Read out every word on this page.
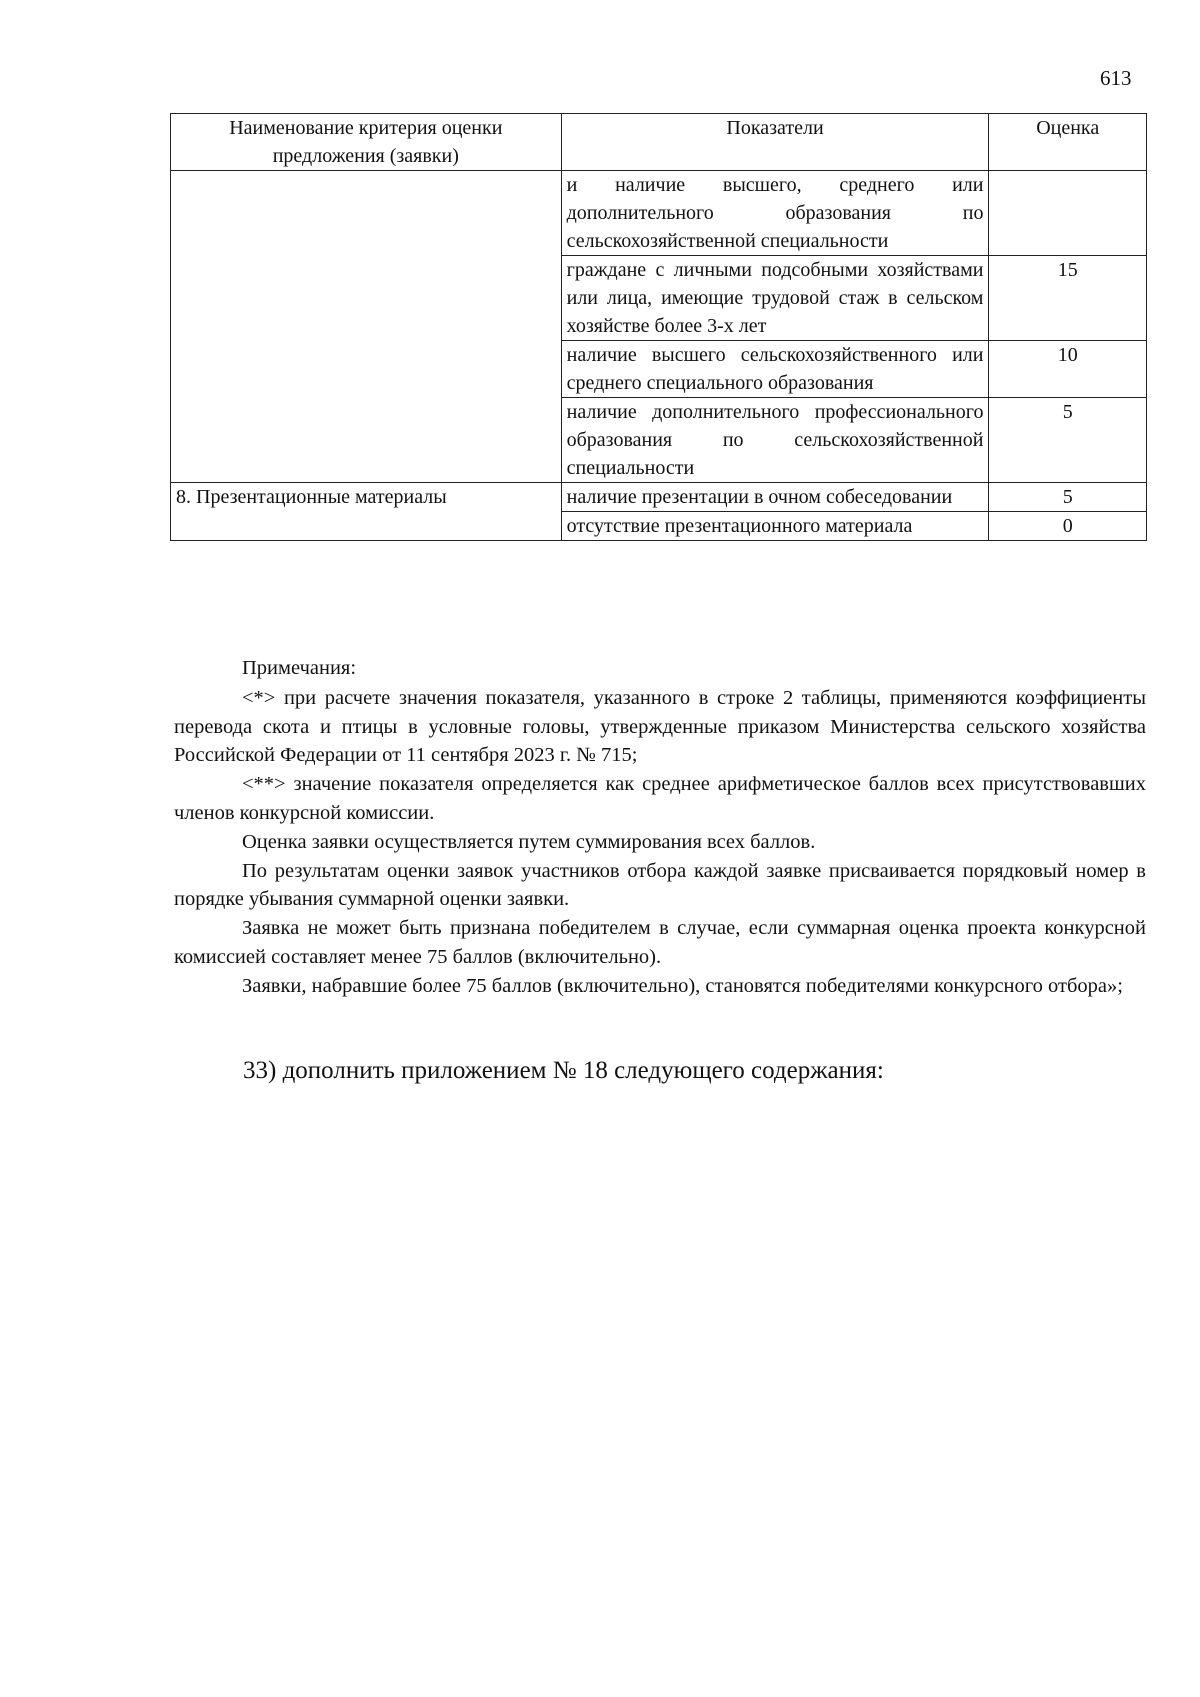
613
Наименование критерия оценки предложения (заявки)	Показатели	Оценка
	и наличие высшего, среднего или дополнительного образования по сельскохозяйственной специальности	
	граждане с личными подсобными хозяйствами или лица, имеющие трудовой стаж в сельском хозяйстве более 3-х лет	15
	наличие высшего сельскохозяйственного или среднего специального образования	10
	наличие дополнительного профессионального образования по сельскохозяйственной специальности	5
8. Презентационные материалы	наличие презентации в очном собеседовании	5
	отсутствие презентационного материала	0

Примечания:

<*> при расчете значения показателя, указанного в строке 2 таблицы, применяются коэффициенты перевода скота и птицы в условные головы, утвержденные приказом Министерства сельского хозяйства Российской Федерации от 11 сентября 2023 г. № 715;

<**> значение показателя определяется как среднее арифметическое баллов всех присутствовавших членов конкурсной комиссии.

Оценка заявки осуществляется путем суммирования всех баллов.

По результатам оценки заявок участников отбора каждой заявке присваивается порядковый номер в порядке убывания суммарной оценки заявки.

Заявка не может быть признана победителем в случае, если суммарная оценка проекта конкурсной комиссией составляет менее 75 баллов (включительно).

Заявки, набравшие более 75 баллов (включительно), становятся победителями конкурсного отбора»;

33) дополнить приложением № 18 следующего содержания:
